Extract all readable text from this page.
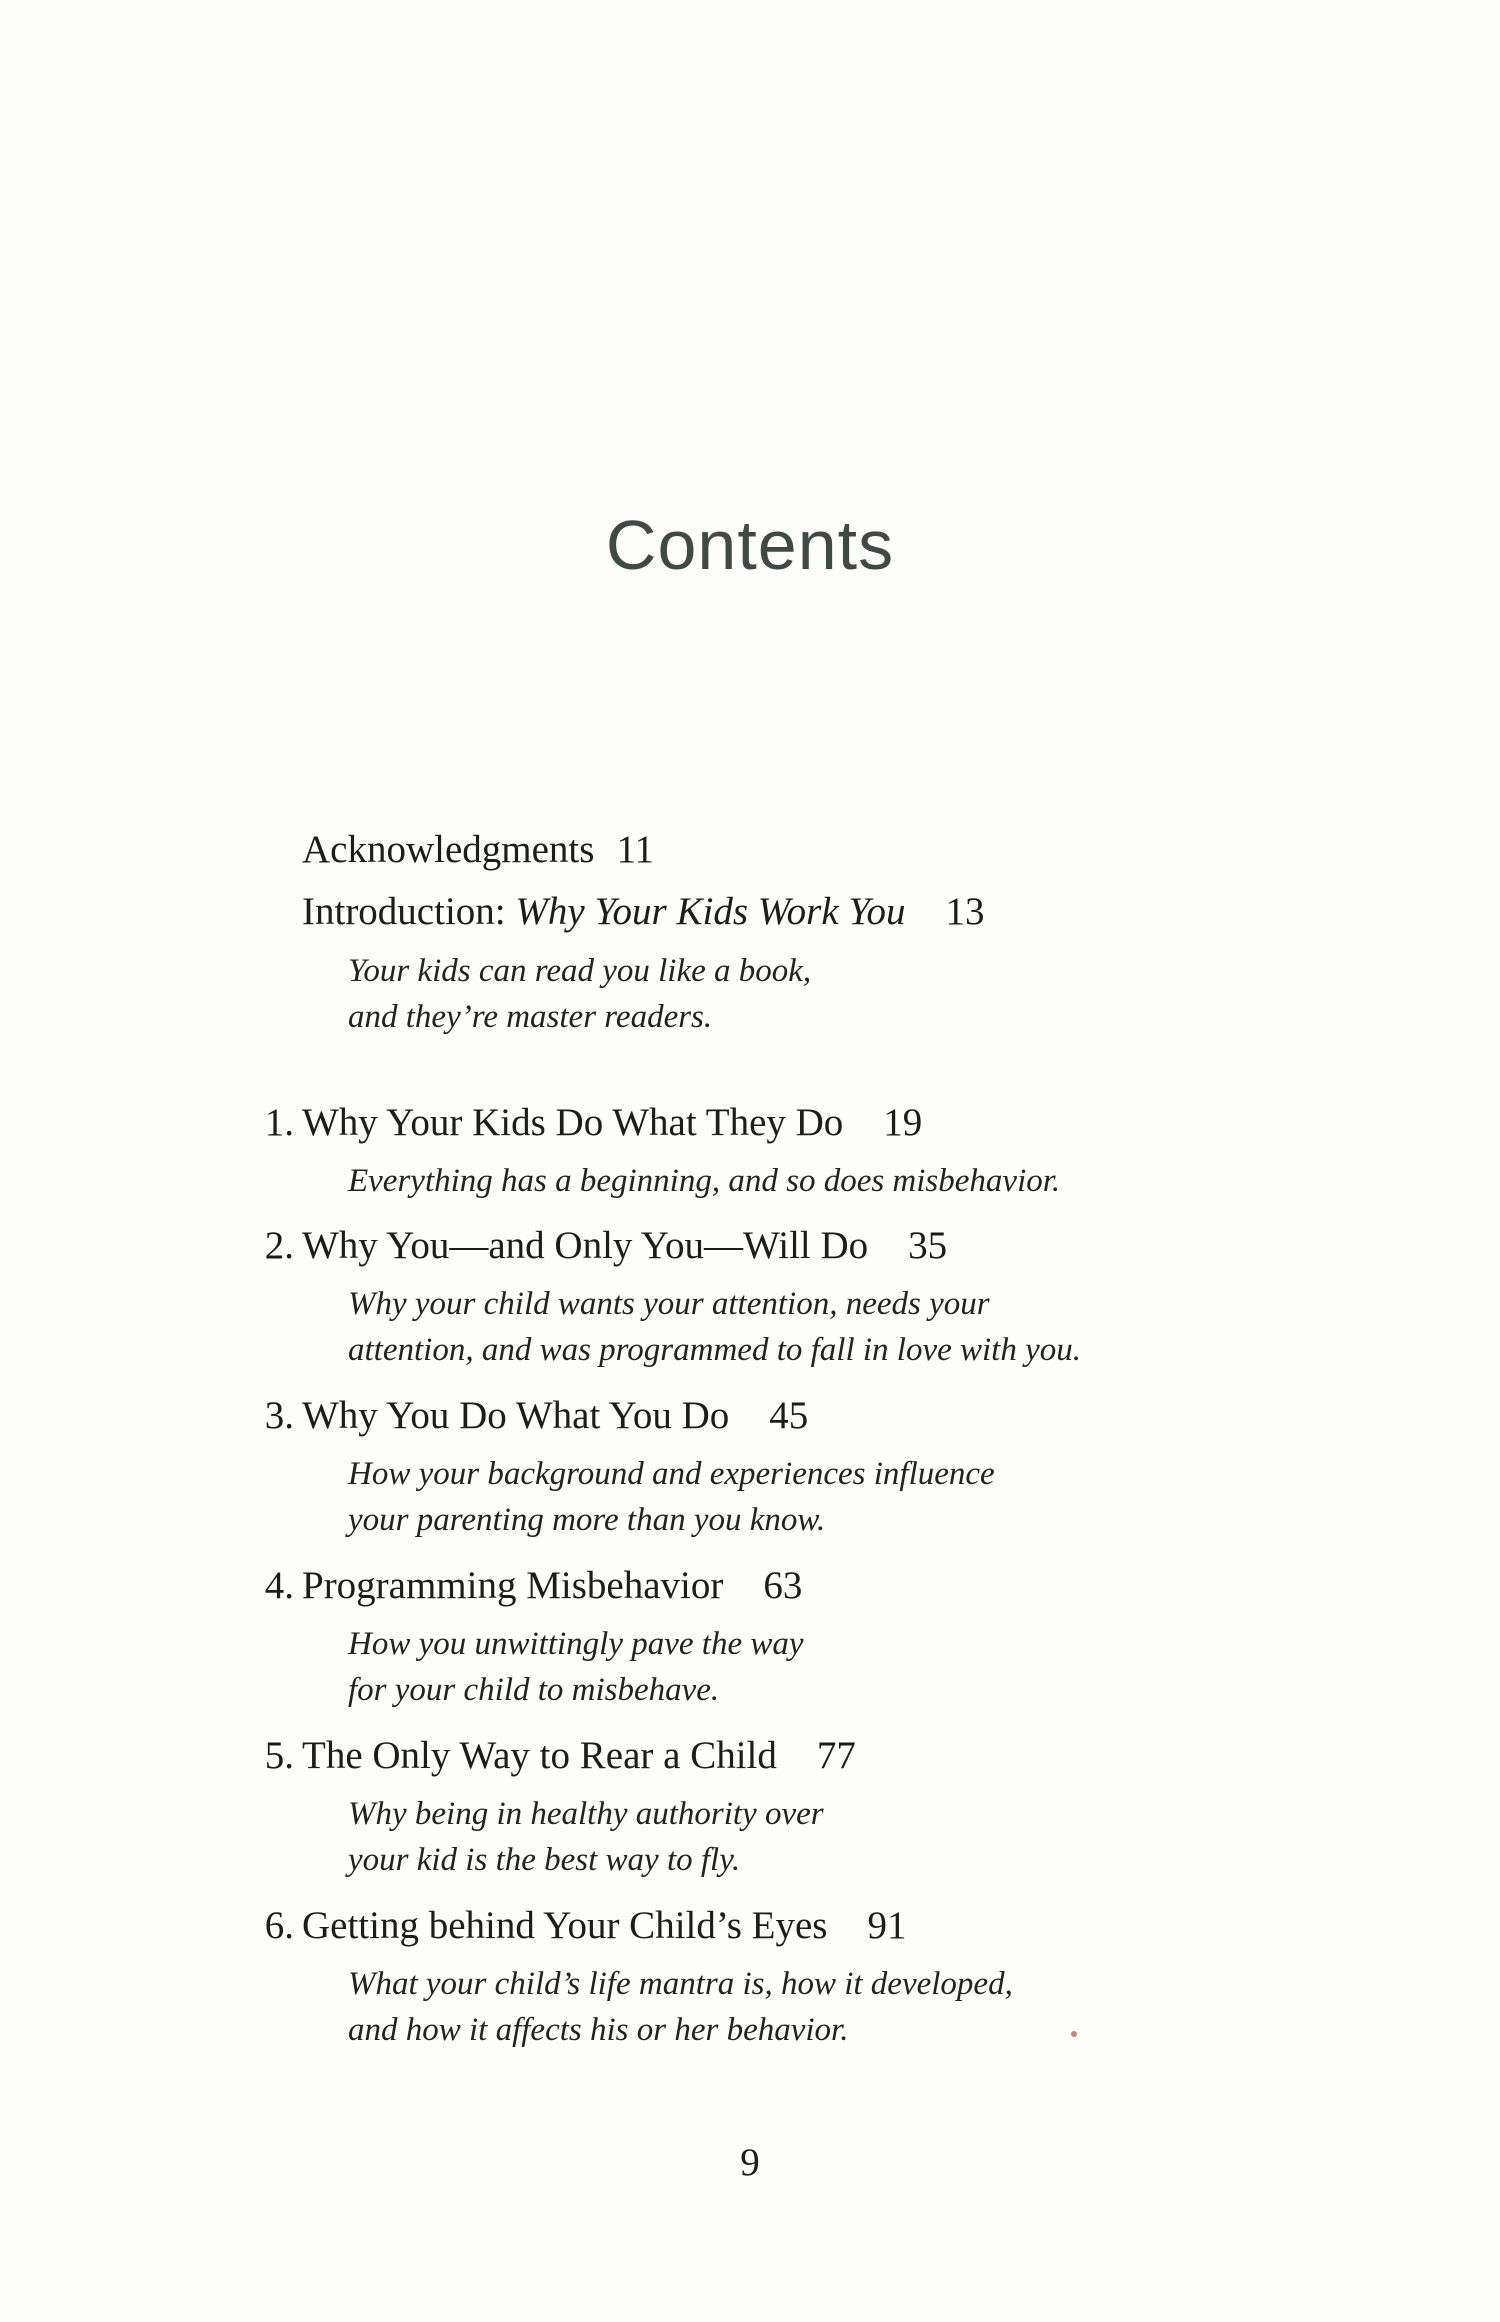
Contents
Acknowledgments 11
Introduction: Why Your Kids Work You 13
Your kids can read you like a book,
and they’re master readers.
1. Why Your Kids Do What They Do 19
Everything has a beginning, and so does misbehavior.
2. Why You—and Only You—Will Do 35
Why your child wants your attention, needs your
attention, and was programmed to fall in love with you.
3. Why You Do What You Do 45
How your background and experiences influence
your parenting more than you know.
4. Programming Misbehavior 63
How you unwittingly pave the way
for your child to misbehave.
5. The Only Way to Rear a Child 77
Why being in healthy authority over
your kid is the best way to fly.
6. Getting behind Your Child’s Eyes 91
What your child’s life mantra is, how it developed,
and how it affects his or her behavior.
9
